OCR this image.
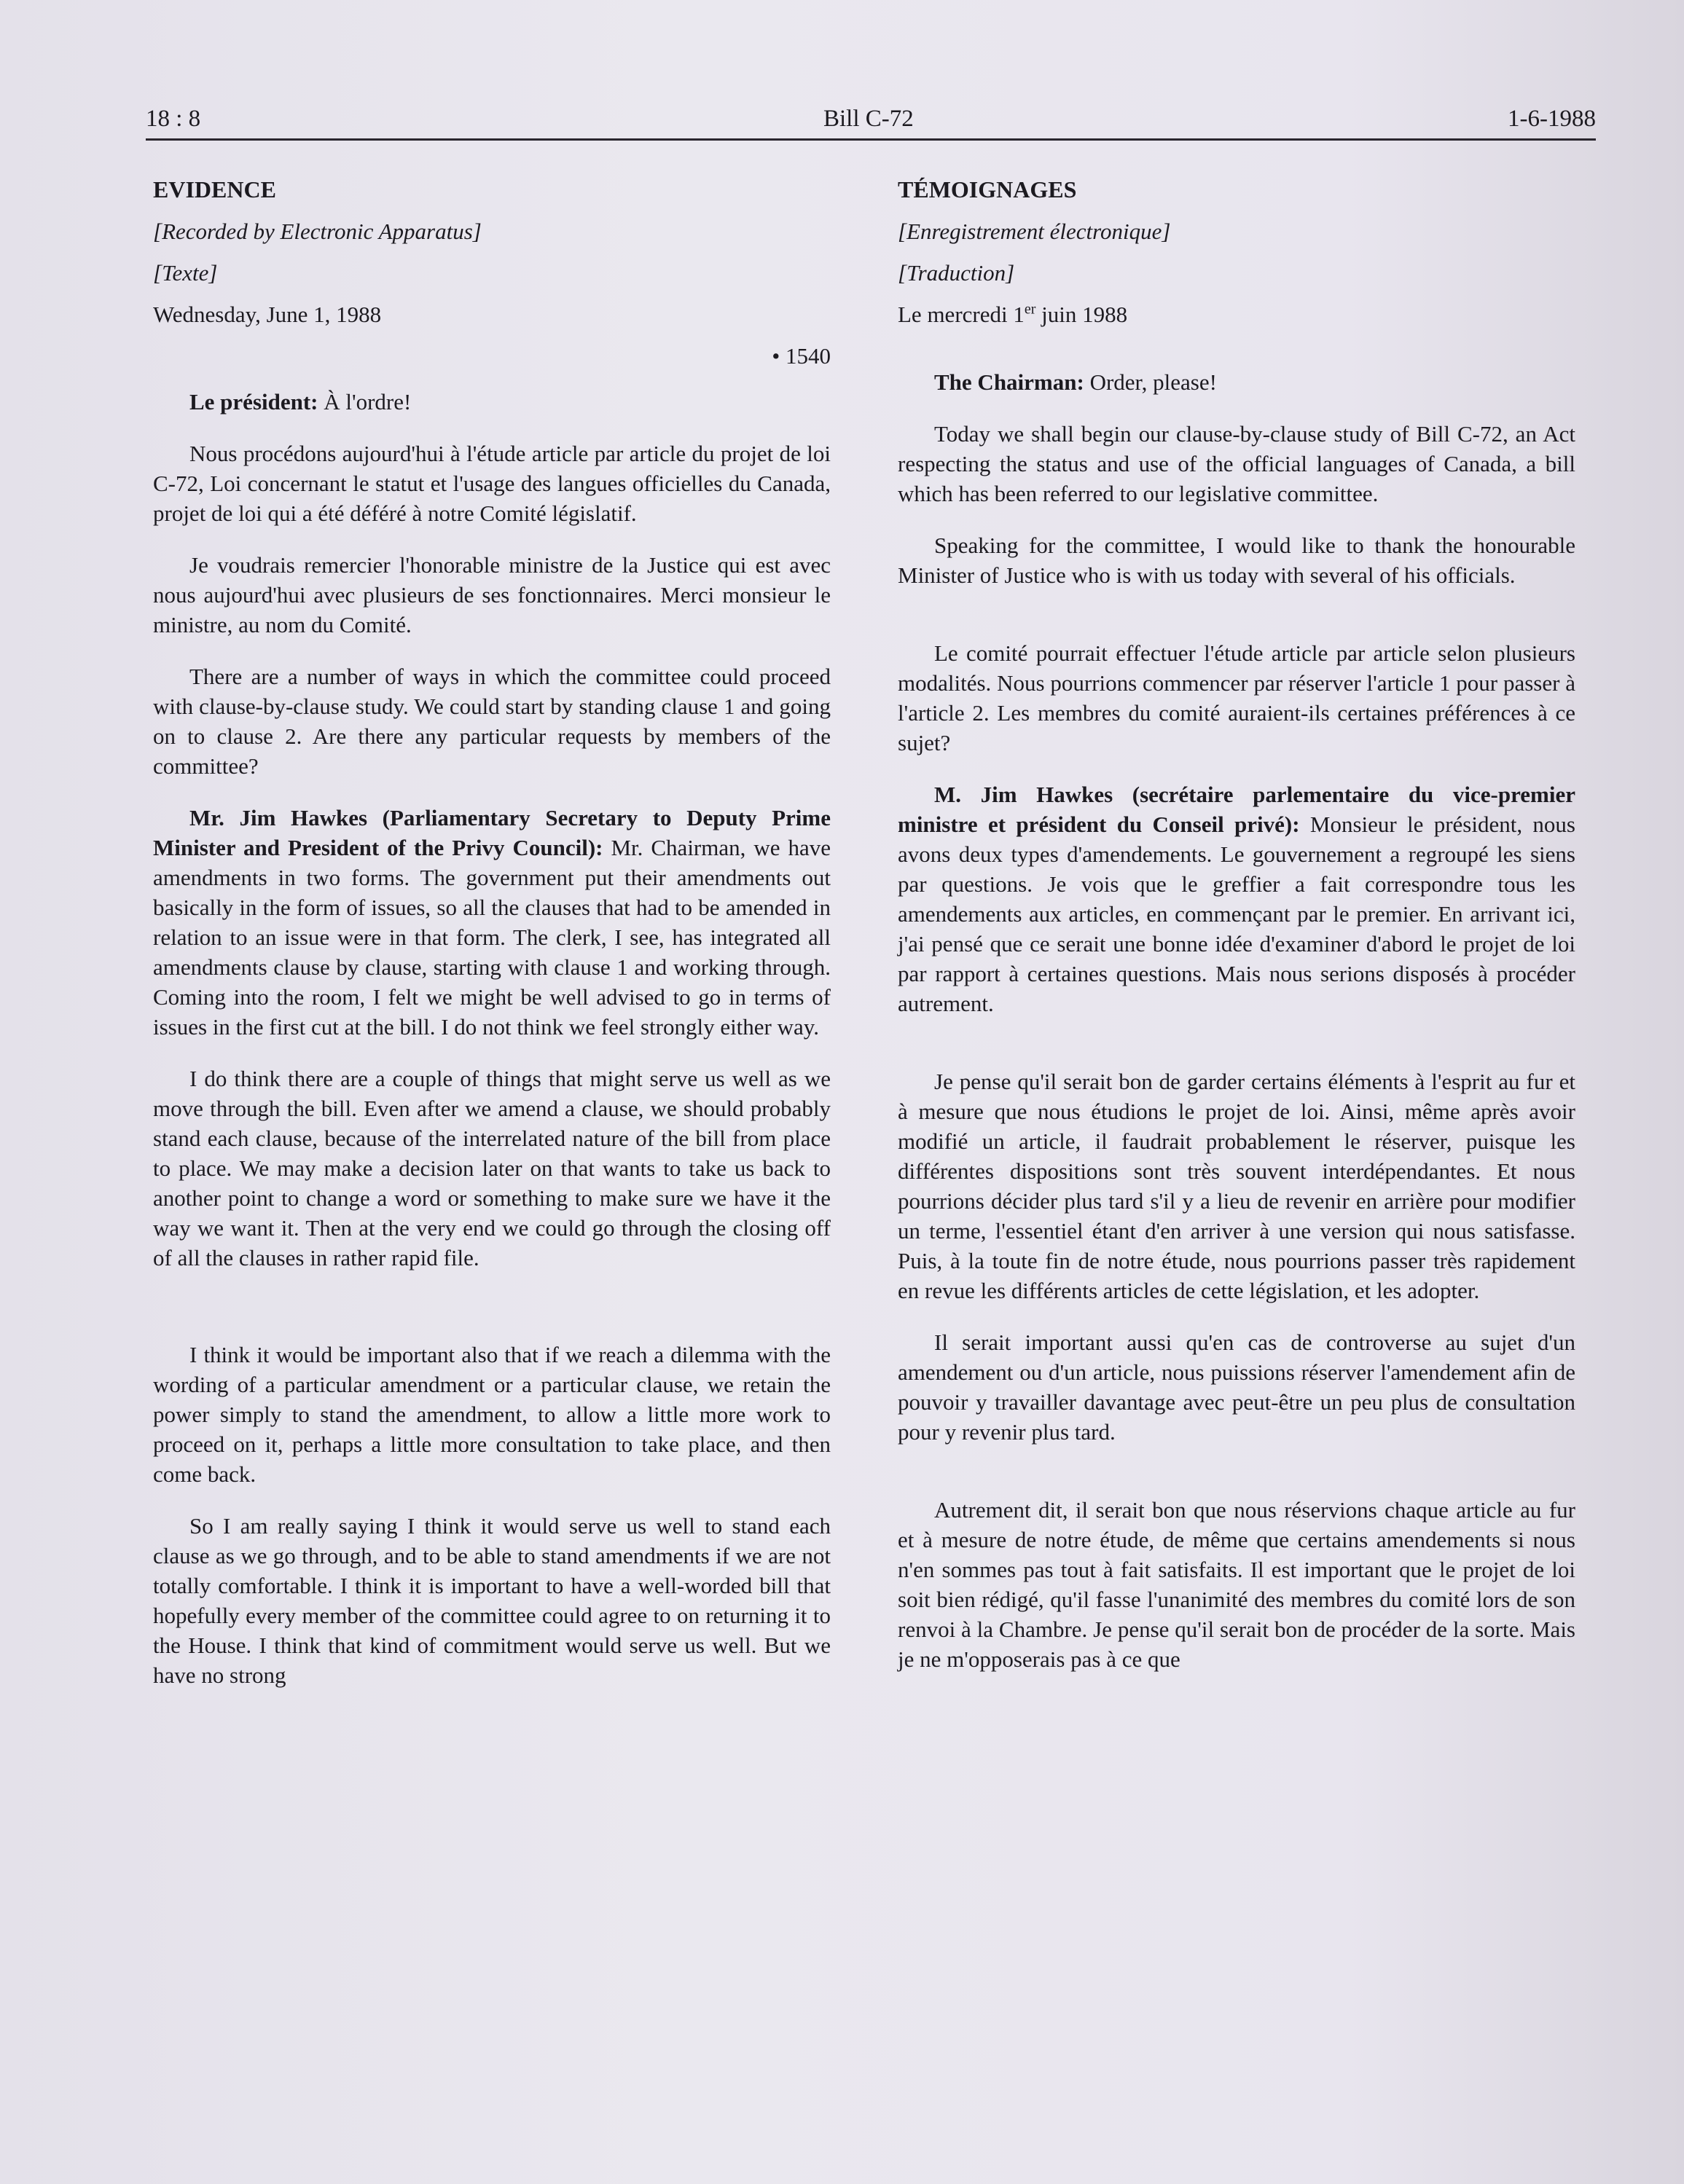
18 : 8	Bill C-72	1-6-1988
EVIDENCE

[Recorded by Electronic Apparatus]

[Texte]

Wednesday, June 1, 1988

• 1540

Le président: À l'ordre!

Nous procédons aujourd'hui à l'étude article par article du projet de loi C-72, Loi concernant le statut et l'usage des langues officielles du Canada, projet de loi qui a été déféré à notre Comité législatif.

Je voudrais remercier l'honorable ministre de la Justice qui est avec nous aujourd'hui avec plusieurs de ses fonctionnaires. Merci monsieur le ministre, au nom du Comité.

There are a number of ways in which the committee could proceed with clause-by-clause study. We could start by standing clause 1 and going on to clause 2. Are there any particular requests by members of the committee?

Mr. Jim Hawkes (Parliamentary Secretary to Deputy Prime Minister and President of the Privy Council): Mr. Chairman, we have amendments in two forms. The government put their amendments out basically in the form of issues, so all the clauses that had to be amended in relation to an issue were in that form. The clerk, I see, has integrated all amendments clause by clause, starting with clause 1 and working through. Coming into the room, I felt we might be well advised to go in terms of issues in the first cut at the bill. I do not think we feel strongly either way.

I do think there are a couple of things that might serve us well as we move through the bill. Even after we amend a clause, we should probably stand each clause, because of the interrelated nature of the bill from place to place. We may make a decision later on that wants to take us back to another point to change a word or something to make sure we have it the way we want it. Then at the very end we could go through the closing off of all the clauses in rather rapid file.

I think it would be important also that if we reach a dilemma with the wording of a particular amendment or a particular clause, we retain the power simply to stand the amendment, to allow a little more work to proceed on it, perhaps a little more consultation to take place, and then come back.

So I am really saying I think it would serve us well to stand each clause as we go through, and to be able to stand amendments if we are not totally comfortable. I think it is important to have a well-worded bill that hopefully every member of the committee could agree to on returning it to the House. I think that kind of commitment would serve us well. But we have no strong

TÉMOIGNAGES

[Enregistrement électronique]

[Traduction]

Le mercredi 1er juin 1988

The Chairman: Order, please!

Today we shall begin our clause-by-clause study of Bill C-72, an Act respecting the status and use of the official languages of Canada, a bill which has been referred to our legislative committee.

Speaking for the committee, I would like to thank the honourable Minister of Justice who is with us today with several of his officials.

Le comité pourrait effectuer l'étude article par article selon plusieurs modalités. Nous pourrions commencer par réserver l'article 1 pour passer à l'article 2. Les membres du comité auraient-ils certaines préférences à ce sujet?

M. Jim Hawkes (secrétaire parlementaire du vice-premier ministre et président du Conseil privé): Monsieur le président, nous avons deux types d'amendements. Le gouvernement a regroupé les siens par questions. Je vois que le greffier a fait correspondre tous les amendements aux articles, en commençant par le premier. En arrivant ici, j'ai pensé que ce serait une bonne idée d'examiner d'abord le projet de loi par rapport à certaines questions. Mais nous serions disposés à procéder autrement.

Je pense qu'il serait bon de garder certains éléments à l'esprit au fur et à mesure que nous étudions le projet de loi. Ainsi, même après avoir modifié un article, il faudrait probablement le réserver, puisque les différentes dispositions sont très souvent interdépendantes. Et nous pourrions décider plus tard s'il y a lieu de revenir en arrière pour modifier un terme, l'essentiel étant d'en arriver à une version qui nous satisfasse. Puis, à la toute fin de notre étude, nous pourrions passer très rapidement en revue les différents articles de cette législation, et les adopter.

Il serait important aussi qu'en cas de controverse au sujet d'un amendement ou d'un article, nous puissions réserver l'amendement afin de pouvoir y travailler davantage avec peut-être un peu plus de consultation pour y revenir plus tard.

Autrement dit, il serait bon que nous réservions chaque article au fur et à mesure de notre étude, de même que certains amendements si nous n'en sommes pas tout à fait satisfaits. Il est important que le projet de loi soit bien rédigé, qu'il fasse l'unanimité des membres du comité lors de son renvoi à la Chambre. Je pense qu'il serait bon de procéder de la sorte. Mais je ne m'opposerais pas à ce que
